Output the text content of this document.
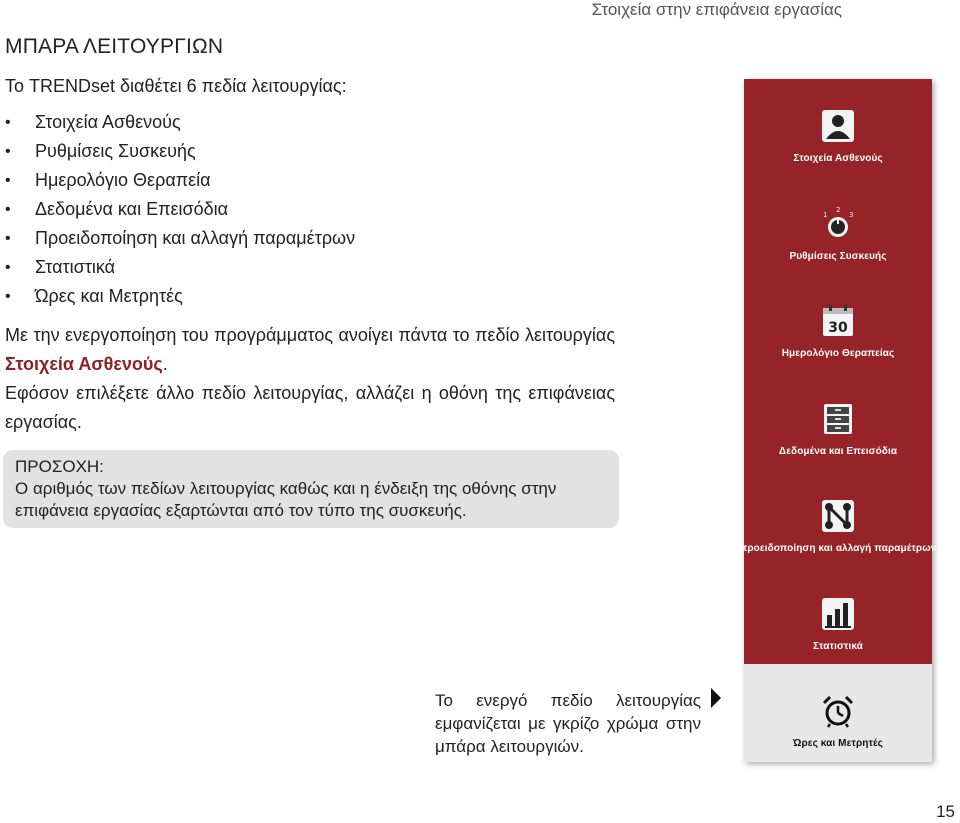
Στοιχεία στην επιφάνεια εργασίας
ΜΠΑΡΑ ΛΕΙΤΟΥΡΓΙΩΝ
Το TRENDset διαθέτει 6 πεδία λειτουργίας:
•	Στοιχεία Ασθενούς
•	Ρυθμίσεις Συσκευής
•	Ημερολόγιο Θεραπεία
•	Δεδομένα και Επεισόδια
•	Προειδοποίηση και αλλαγή παραμέτρων
•	Στατιστικά
•	Ώρες και Μετρητές
Με την ενεργοποίηση του προγράμματος ανοίγει πάντα το πεδίο λειτουργίας Στοιχεία Ασθενούς.
Εφόσον επιλέξετε άλλο πεδίο λειτουργίας, αλλάζει η οθόνη της επιφάνειας εργασίας.
ΠΡΟΣΟΧΗ:
Ο αριθμός των πεδίων λειτουργίας καθώς και η ένδειξη της οθόνης στην επιφάνεια εργασίας εξαρτώνται από τον τύπο της συσκευής.
Στοιχεία Ασθενούς
1
2
3
Ρυθμίσεις Συσκευής
30
Ημερολόγιο Θεραπείας
Δεδομένα και Επεισόδια
προειδοποίηση και αλλαγή παραμέτρων
Στατιστικά
Ώρες και Μετρητές
Το ενεργό πεδίο λειτουργίας εμφανίζεται με γκρίζο χρώμα στην μπάρα λειτουργιών.
15
